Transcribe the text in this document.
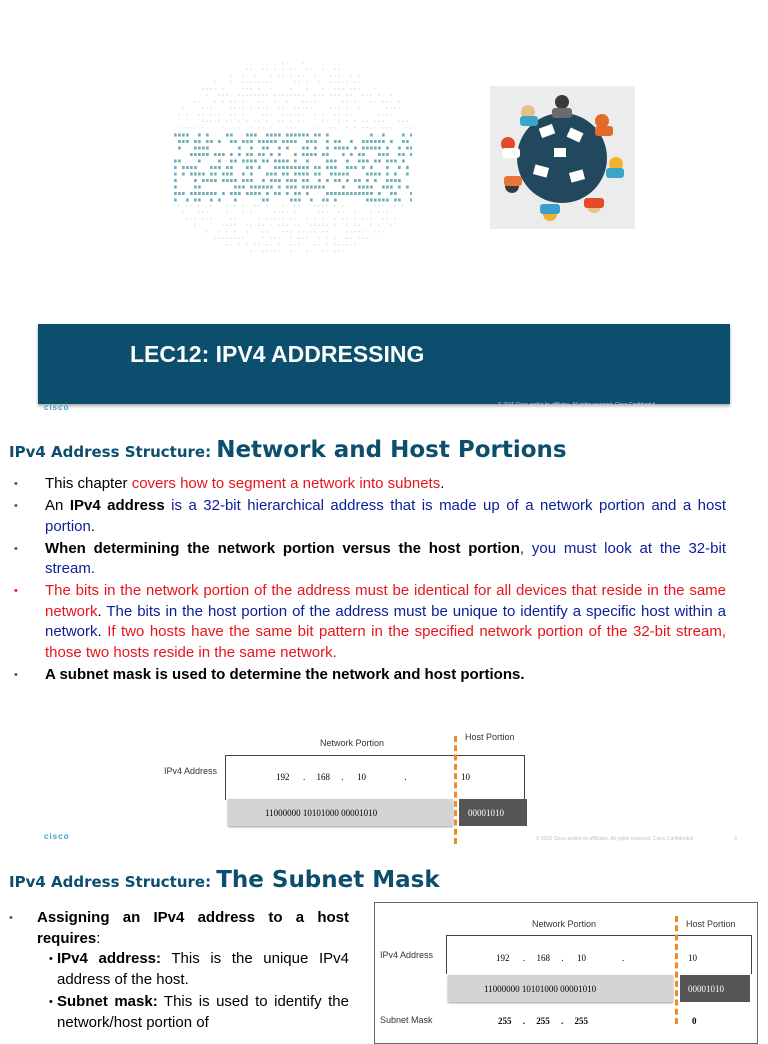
LEC12: IPV4 ADDRESSING
cisco	© 2016 Cisco and/or its affiliates. All rights reserved. Cisco Confidential
IPv4 Address Structure: Network and Host Portions
• This chapter covers how to segment a network into subnets.
• An IPv4 address is a 32-bit hierarchical address that is made up of a network portion and a host portion.
• When determining the network portion versus the host portion, you must look at the 32-bit stream.
• The bits in the network portion of the address must be identical for all devices that reside in the same network. The bits in the host portion of the address must be unique to identify a specific host within a network. If two hosts have the same bit pattern in the specified network portion of the 32-bit stream, those two hosts reside in the same network.
• A subnet mask is used to determine the network and host portions.
Network Portion
Host Portion
IPv4 Address
192 . 168 . 10	.	10
11000000 10101000 00001010	00001010
cisco	© 2016 Cisco and/or its affiliates. All rights reserved. Cisco Confidential	3
IPv4 Address Structure: The Subnet Mask
• Assigning an IPv4 address to a host requires:
• IPv4 address: This is the unique IPv4 address of the host.
• Subnet mask: This is used to identify the network/host portion of
Network Portion	Host Portion
IPv4 Address	192 . 168 . 10	.	10
11000000 10101000 00001010	00001010
Subnet Mask	255 . 255 . 255	0
